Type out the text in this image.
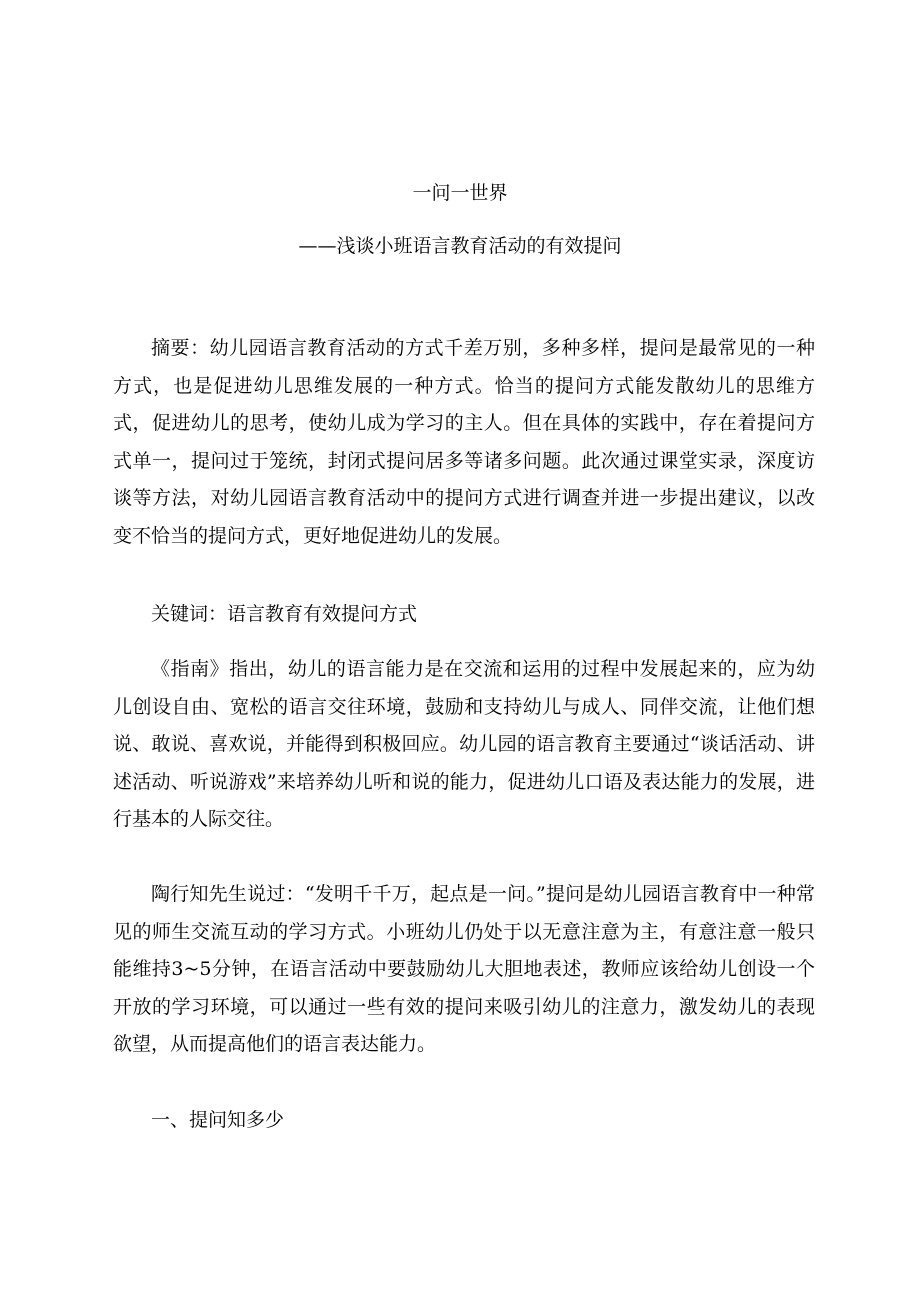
一问一世界
——浅谈小班语言教育活动的有效提问

摘要：幼儿园语言教育活动的方式千差万别，多种多样，提问是最常见的一种方式，也是促进幼儿思维发展的一种方式。恰当的提问方式能发散幼儿的思维方式，促进幼儿的思考，使幼儿成为学习的主人。但在具体的实践中，存在着提问方式单一，提问过于笼统，封闭式提问居多等诸多问题。此次通过课堂实录，深度访谈等方法，对幼儿园语言教育活动中的提问方式进行调查并进一步提出建议，以改变不恰当的提问方式，更好地促进幼儿的发展。

关键词：语言教育有效提问方式

《指南》指出，幼儿的语言能力是在交流和运用的过程中发展起来的，应为幼儿创设自由、宽松的语言交往环境，鼓励和支持幼儿与成人、同伴交流，让他们想说、敢说、喜欢说，并能得到积极回应。幼儿园的语言教育主要通过“谈话活动、讲述活动、听说游戏”来培养幼儿听和说的能力，促进幼儿口语及表达能力的发展，进行基本的人际交往。

陶行知先生说过：“发明千千万，起点是一问。”提问是幼儿园语言教育中一种常见的师生交流互动的学习方式。小班幼儿仍处于以无意注意为主，有意注意一般只能维持3~5分钟，在语言活动中要鼓励幼儿大胆地表述，教师应该给幼儿创设一个开放的学习环境，可以通过一些有效的提问来吸引幼儿的注意力，激发幼儿的表现欲望，从而提高他们的语言表达能力。

一、提问知多少
